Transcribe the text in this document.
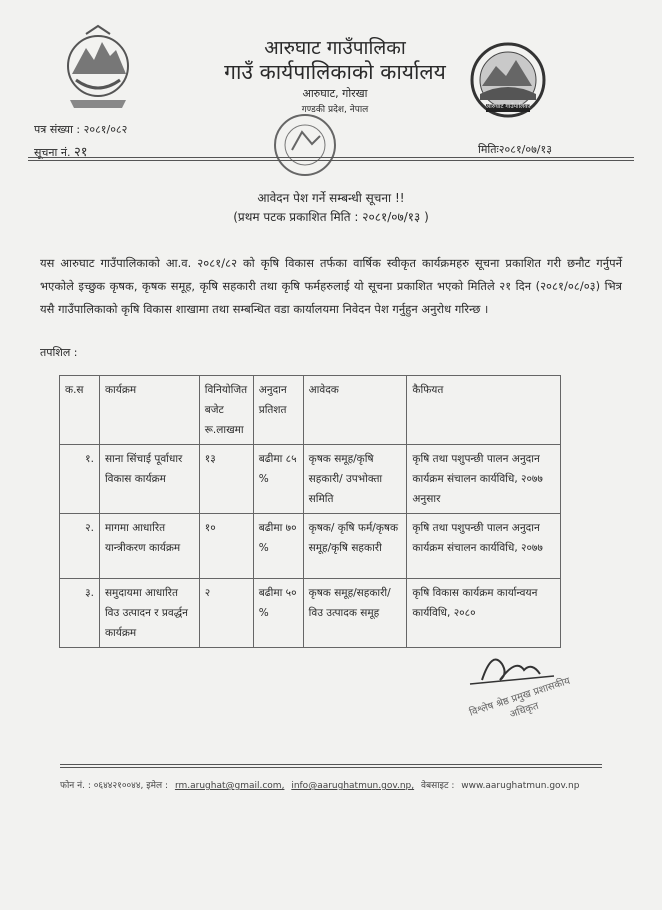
आरुघाट गाउँपालिका
आरुघाट गाउँपालिका
गाउँ कार्यपालिकाको कार्यालय
आरुघाट, गोरखा
गण्डकी प्रदेश, नेपाल
पत्र संख्या : २०८१/०८२
सूचना नं. २१	मितिः२०८१/०७/१३
आवेदन पेश गर्ने सम्बन्धी सूचना !!
(प्रथम पटक प्रकाशित मिति : २०८१/०७/१३ )
यस आरुघाट गाउँपालिकाको आ.व. २०८१/८२ को कृषि विकास तर्फका वार्षिक स्वीकृत कार्यक्रमहरु सूचना प्रकाशित गरी छनौट गर्नुपर्ने भएकोले इच्छुक कृषक, कृषक समूह, कृषि सहकारी तथा कृषि फर्महरुलाई यो सूचना प्रकाशित भएको मितिले २१ दिन (२०८१/०८/०३) भित्र यसै गाउँपालिकाको कृषि विकास शाखामा तथा सम्बन्धित वडा कार्यालयमा निवेदन पेश गर्नुहुन अनुरोध गरिन्छ ।
तपशिल :
क.स	कार्यक्रम	विनियोजित बजेट रू.लाखमा	अनुदान प्रतिशत	आवेदक	कैफियत
१.	साना सिंचाई पूर्वाधार विकास कार्यक्रम	१३	बढीमा ८५ %	कृषक समूह/कृषि सहकारी/ उपभोक्ता समिति	कृषि तथा पशुपन्छी पालन अनुदान कार्यक्रम संचालन कार्यविधि, २०७७ अनुसार
२.	मागमा आधारित यान्त्रीकरण कार्यक्रम	१०	बढीमा ७० %	कृषक/ कृषि फर्म/कृषक समूह/कृषि सहकारी	कृषि तथा पशुपन्छी पालन अनुदान कार्यक्रम संचालन कार्यविधि, २०७७
३.	समुदायमा आधारित विउ उत्पादन र प्रवर्द्धन कार्यक्रम	२	बढीमा ५० %	कृषक समूह/सहकारी/विउ उत्पादक समूह	कृषि विकास कार्यक्रम कार्यान्वयन कार्यविधि, २०८०
विश्लेष श्रेष्ठ प्रमुख प्रशासकीय अधिकृत
फोन नं. : ०६४४२१००४४, इमेल : rm.arughat@gmail.com, info@aarughatmun.gov.np, वेबसाइट : www.aarughatmun.gov.np
